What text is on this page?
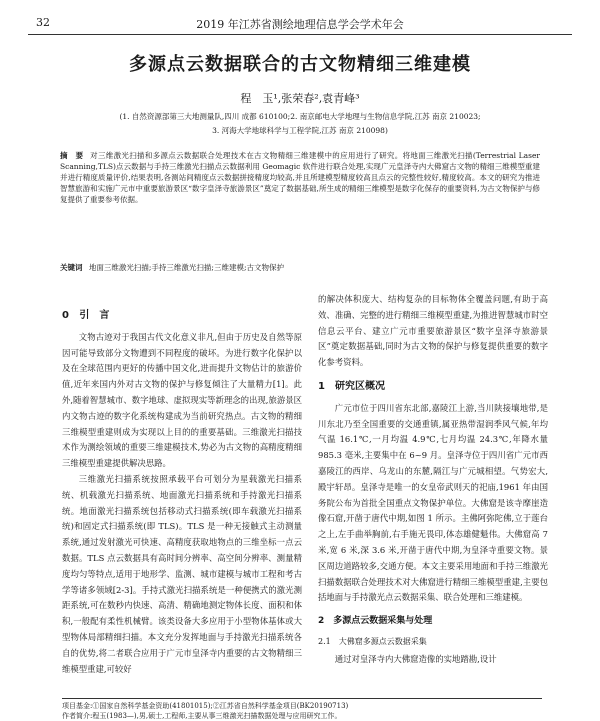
32	2019 年江苏省测绘地理信息学会学术年会
多源点云数据联合的古文物精细三维建模
程　玉¹,张荣春²,袁青峰³
(1. 自然资源部第三大地测量队,四川 成都 610100;2. 南京邮电大学地理与生物信息学院,江苏 南京 210023;
3. 河海大学地球科学与工程学院,江苏 南京 210098)
摘　要 对三维激光扫描和多源点云数据联合处理技术在古文物精细三维建模中的应用进行了研究。将地面三维激光扫描(Terrestrial Laser Scanning,TLS)点云数据与手持三维激光扫描点云数据利用 Geomagic 软件进行联合处理,实现广元皇泽寺内大佛窟古文物的精细三维模型重建并进行精度质量评价,结果表明,各测站间精度点云数据拼接精度均较高,并且所建模型精度较高且点云的完整性较好,精度较高。本文的研究为推进智慧旅游和实施广元市中重要旅游景区“数字皇泽寺旅游景区”奠定了数据基础,所生成的精细三维模型是数字化保存的重要资料,为古文物保护与修复提供了重要参考依据。
关键词 地面三维激光扫描;手持三维激光扫描;三维建模;古文物保护
0 引　言

文物古迹对于我国古代文化意义非凡,但由于历史及自然等原因可能导致部分文物遭到不同程度的破坏。为进行数字化保护以及在全球范围内更好的传播中国文化,进而提升文物估计的旅游价值,近年来国内外对古文物的保护与修复倾注了大量精力[1]。此外,随着智慧城市、数字地球、虚拟现实等新理念的出现,旅游景区内文物古迹的数字化系统构建成为当前研究热点。古文物的精细三维模型重建则成为实现以上目的的重要基础。三维激光扫描技术作为测绘领域的重要三维建模技术,势必为古文物的高精度精细三维模型重建提供解决思路。

三维激光扫描系统按照承载平台可划分为星载激光扫描系统、机载激光扫描系统、地面激光扫描系统和手持激光扫描系统。地面激光扫描系统包括移动式扫描系统(即车载激光扫描系统)和固定式扫描系统(即 TLS)。TLS 是一种无接触式主动测量系统,通过发射激光可快速、高精度获取地物点的三维坐标一点云数据。TLS 点云数据具有高时间分辨率、高空间分辨率、测量精度均匀等特点,适用于地形学、监测、城市建模与城市工程和考古学等诸多领域[2-3]。手持式激光扫描系统是一种便携式的激光测距系统,可在数秒内快速、高清、精确地测定物体长度、面积和体积,一般配有柔性机械臂。该类设备大多应用于小型物体基体或大型物体局部精细扫描。本文充分发挥地面与手持激光扫描系统各自的优势,将二者联合应用于广元市皇泽寺内重要的古文物精细三维模型重建,可较好

的解决体积庞大、结构复杂的目标物体全覆盖问题,有助于高效、准确、完整的进行精细三维模型重建,为推进智慧城市时空信息云平台、建立广元市重要旅游景区“数字皇泽寺旅游景区”奠定数据基础,同时为古文物的保护与修复提供重要的数字化参考资料。

1　研究区概况

广元市位于四川省东北部,嘉陵江上游,当川陕接壤地带,是川东北乃至全国重要的交通重镇,属亚热带湿润季风气候,年均气温 16.1℃,一月均温 4.9℃,七月均温 24.3℃,年降水量 985.3 毫米,主要集中在 6~9 月。皇泽寺位于四川省广元市西嘉陵江的西岸、乌龙山的东麓,隔江与广元城相望。气势宏大,殿宇轩昂。皇泽寺是唯一的女皇帝武则天的祀庙,1961 年由国务院公布为首批全国重点文物保护单位。大佛窟是该寺摩崖造像石窟,开凿于唐代中期,如图 1 所示。主佛阿弥陀佛,立于莲台之上,左手曲举胸前,右手施无畏印,体态雄健魁伟。大佛窟高 7 米,宽 6 米,深 3.6 米,开凿于唐代中期,为皇泽寺重要文物。景区周边道路较多,交通方便。本文主要采用地面和手持三维激光扫描数据联合处理技术对大佛窟进行精细三维模型重建,主要包括地面与手持激光点云数据采集、联合处理和三维建模。

2　多源点云数据采集与处理
2.1　大佛窟多源点云数据采集

通过对皇泽寺内大佛窟造像的实地踏勘,设计

项目基金:①国家自然科学基金资助(41801015);②江苏省自然科学基金项目(BK20190713)
作者简介:程玉(1983—),男,硕士,工程师,主要从事三维激光扫描数据处理与应用研究工作。
